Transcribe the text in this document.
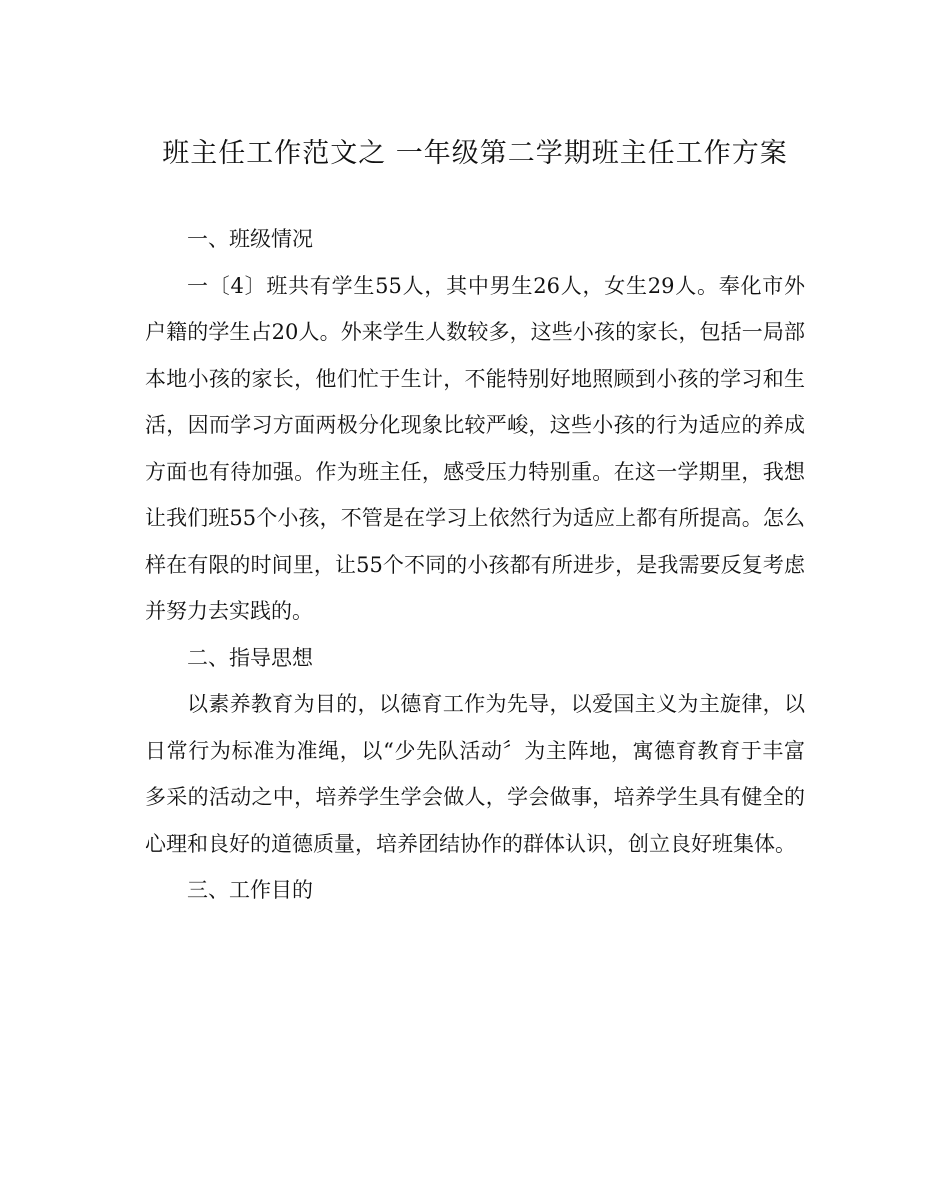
班主任工作范文之 一年级第二学期班主任工作方案

一、班级情况

一〔4〕班共有学生55人，其中男生26人，女生29人。奉化市外户籍的学生占20人。外来学生人数较多，这些小孩的家长，包括一局部本地小孩的家长，他们忙于生计，不能特别好地照顾到小孩的学习和生活，因而学习方面两极分化现象比较严峻，这些小孩的行为适应的养成方面也有待加强。作为班主任，感受压力特别重。在这一学期里，我想让我们班55个小孩，不管是在学习上依然行为适应上都有所提高。怎么样在有限的时间里，让55个不同的小孩都有所进步，是我需要反复考虑并努力去实践的。

二、指导思想

以素养教育为目的，以德育工作为先导，以爱国主义为主旋律，以日常行为标准为准绳，以“少先队活动〞为主阵地，寓德育教育于丰富多采的活动之中，培养学生学会做人，学会做事，培养学生具有健全的心理和良好的道德质量，培养团结协作的群体认识，创立良好班集体。

三、工作目的
